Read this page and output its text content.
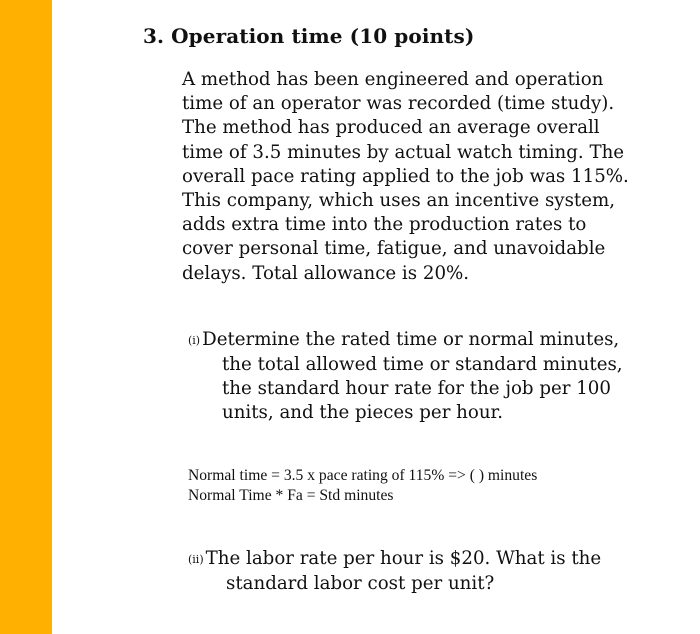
3. Operation time (10 points)

A method has been engineered and operation
time of an operator was recorded (time study).
The method has produced an average overall
time of 3.5 minutes by actual watch timing. The
overall pace rating applied to the job was 115%.
This company, which uses an incentive system,
adds extra time into the production rates to
cover personal time, fatigue, and unavoidable
delays. Total allowance is 20%.

(i) Determine the rated time or normal minutes,
the total allowed time or standard minutes,
the standard hour rate for the job per 100
units, and the pieces per hour.

Normal time = 3.5 x pace rating of 115% => ( ) minutes
Normal Time * Fa = Std minutes

(ii) The labor rate per hour is $20. What is the
standard labor cost per unit?
